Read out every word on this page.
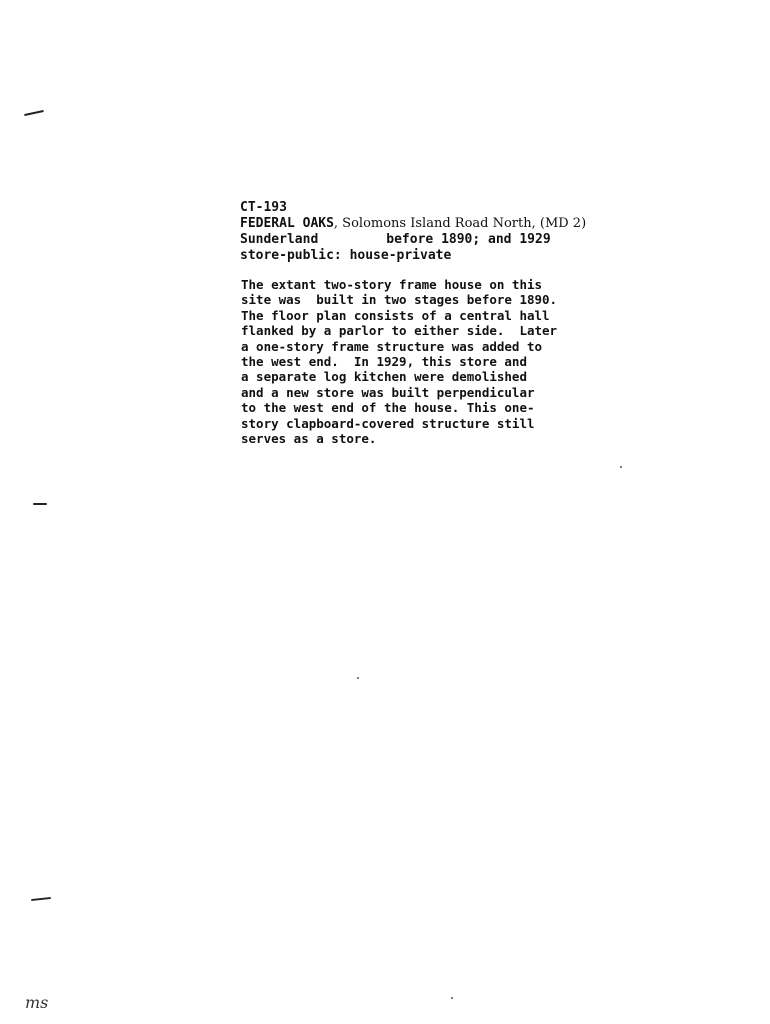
CT-193
FEDERAL OAKS, Solomons Island Road North, (MD 2)
Sunderland	before 1890; and 1929
store-public: house-private
The extant two-story frame house on this
site was  built in two stages before 1890.
The floor plan consists of a central hall
flanked by a parlor to either side.  Later
a one-story frame structure was added to
the west end.  In 1929, this store and
a separate log kitchen were demolished
and a new store was built perpendicular
to the west end of the house. This one-
story clapboard-covered structure still
serves as a store.
ms
